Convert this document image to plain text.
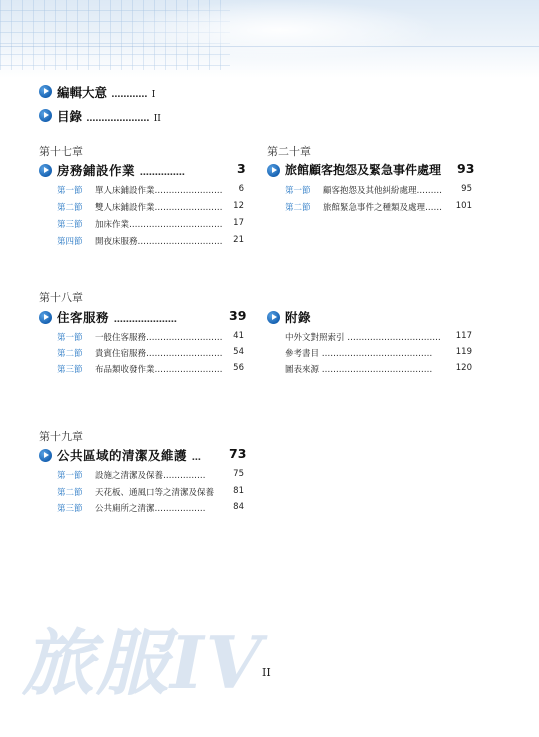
編輯大意 ………… I
目錄 ………………… II
第十七章
房務鋪設作業 ……………	3
第一節 單人床鋪設作業……………………	6
第二節 雙人床鋪設作業……………………	12
第三節 加床作業……………………………	17
第四節 開夜床服務…………………………	21
第二十章
旅館顧客抱怨及緊急事件處理 93
第一節 顧客抱怨及其他糾紛處理………	95
第二節 旅館緊急事件之種類及處理…… 101
第十八章
住客服務 …………………	39
第一節 一般住客服務………………………	41
第二節 貴賓住宿服務………………………	54
第三節 布品類收發作業……………………	56
附錄
中外文對照索引 ……………………………	117
參考書目 …………………………………	119
圖表來源 …………………………………	120
第十九章
公共區域的清潔及維護 … 73
第一節 設施之清潔及保養……………	75
第二節 天花板、通風口等之清潔及保養	81
第三節 公共廁所之清潔………………	84
旅服IV
II
